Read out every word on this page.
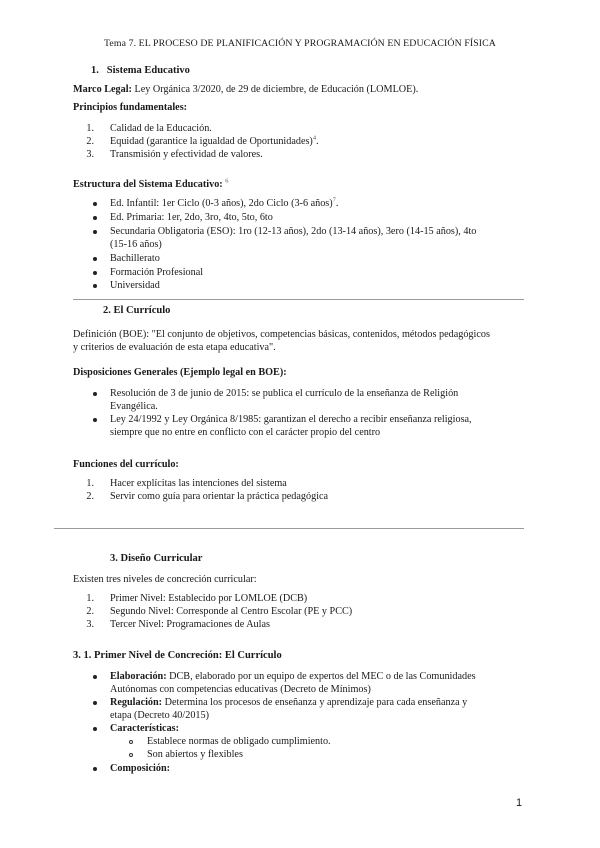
Tema 7. EL PROCESO DE PLANIFICACIÓN Y PROGRAMACIÓN EN EDUCACIÓN FÍSICA
1. Sistema Educativo
Marco Legal: Ley Orgánica 3/2020, de 29 de diciembre, de Educación (LOMLOE).
Principios fundamentales:
1. Calidad de la Educación.
2. Equidad (garantice la igualdad de Oportunidades)$^4$.
3. Transmisión y efectividad de valores.
Estructura del Sistema Educativo: $^6$
Ed. Infantil: 1er Ciclo (0-3 años), 2do Ciclo (3-6 años)$^7$.
Ed. Primaria: 1er, 2do, 3ro, 4to, 5to, 6to
Secundaria Obligatoria (ESO): 1ro (12-13 años), 2do (13-14 años), 3ero (14-15 años), 4to
(15-16 años)
Bachillerato
Formación Profesional
Universidad
2. El Currículo
Definición (BOE): "El conjunto de objetivos, competencias básicas, contenidos, métodos pedagógicos
y criterios de evaluación de esta etapa educativa".
Disposiciones Generales (Ejemplo legal en BOE):
Resolución de 3 de junio de 2015: se publica el currículo de la enseñanza de Religión
Evangélica.
Ley 24/1992 y Ley Orgánica 8/1985: garantizan el derecho a recibir enseñanza religiosa,
siempre que no entre en conflicto con el carácter propio del centro
Funciones del currículo:
1. Hacer explícitas las intenciones del sistema
2. Servir como guía para orientar la práctica pedagógica
3. Diseño Curricular
Existen tres niveles de concreción curricular:
1. Primer Nivel: Establecido por LOMLOE (DCB)
2. Segundo Nivel: Corresponde al Centro Escolar (PE y PCC)
3. Tercer Nivel: Programaciones de Aulas
3. 1. Primer Nivel de Concreción: El Currículo
Elaboración: DCB, elaborado por un equipo de expertos del MEC o de las Comunidades
Autónomas con competencias educativas (Decreto de Mínimos)
Regulación: Determina los procesos de enseñanza y aprendizaje para cada enseñanza y
etapa (Decreto 40/2015)
Características:
Establece normas de obligado cumplimiento.
Son abiertos y flexibles
Composición:
1
